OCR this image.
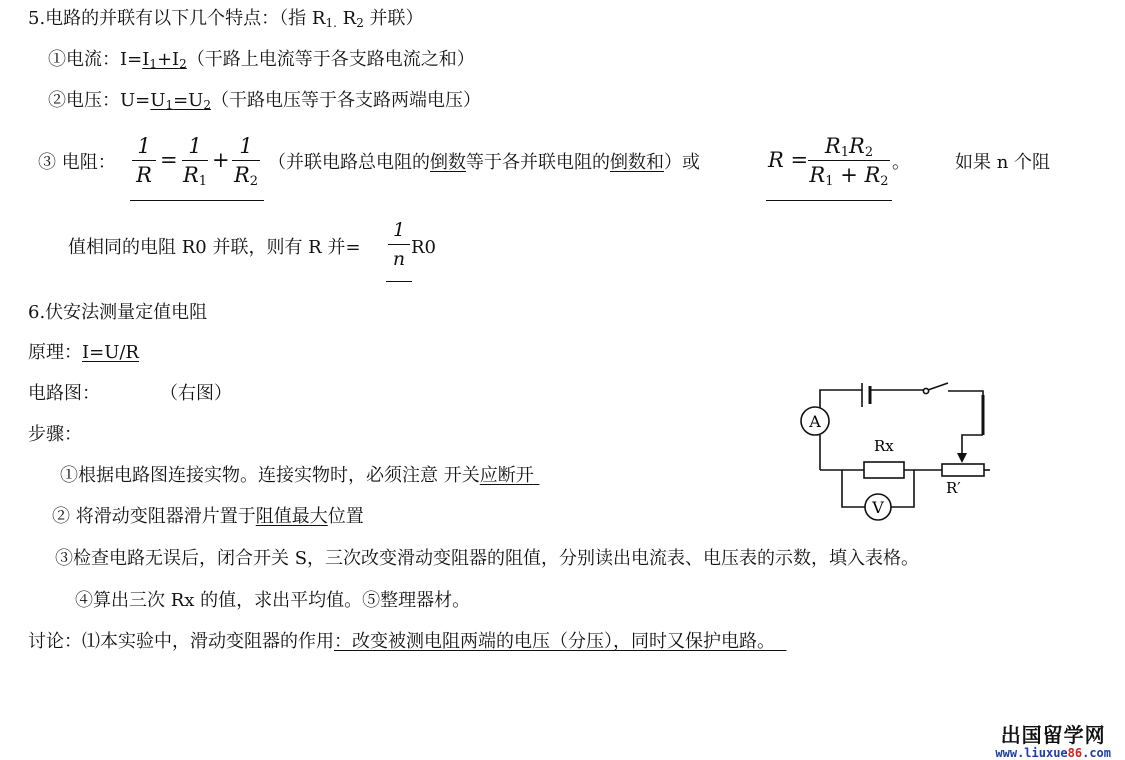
5.电路的并联有以下几个特点：（指 $R_{1.}$ $R_2$ 并联）
①电流：$I=I_1+I_2$（干路上电流等于各支路电流之和）
②电压：$U=U_1=U_2$（干路电压等于各支路两端电压）
③ 电阻：
1
R
=
1
$R_1$
+
1
$R_2$
（并联电路总电阻的倒数等于各并联电阻的倒数和）或	R =
$R_1R_2$
$R_1 + R_2$
。	如果 n 个阻
值相同的电阻 R0 并联，则有 R 并=
1
n
R0
6.伏安法测量定值电阻
原理：I=U/R
电路图：	（右图）
步骤：
①根据电路图连接实物。连接实物时，必须注意 开关应断开
② 将滑动变阻器滑片置于阻值最大位置
③检查电路无误后，闭合开关 S，三次改变滑动变阻器的阻值，分别读出电流表、电压表的示数，填入表格。
④算出三次 Rx 的值，求出平均值。⑤整理器材。
讨论：⑴本实验中，滑动变阻器的作用：改变被测电阻两端的电压（分压），同时又保护电路。
A
V
Rx
R′
出国留学网
www.liuxue86.com
